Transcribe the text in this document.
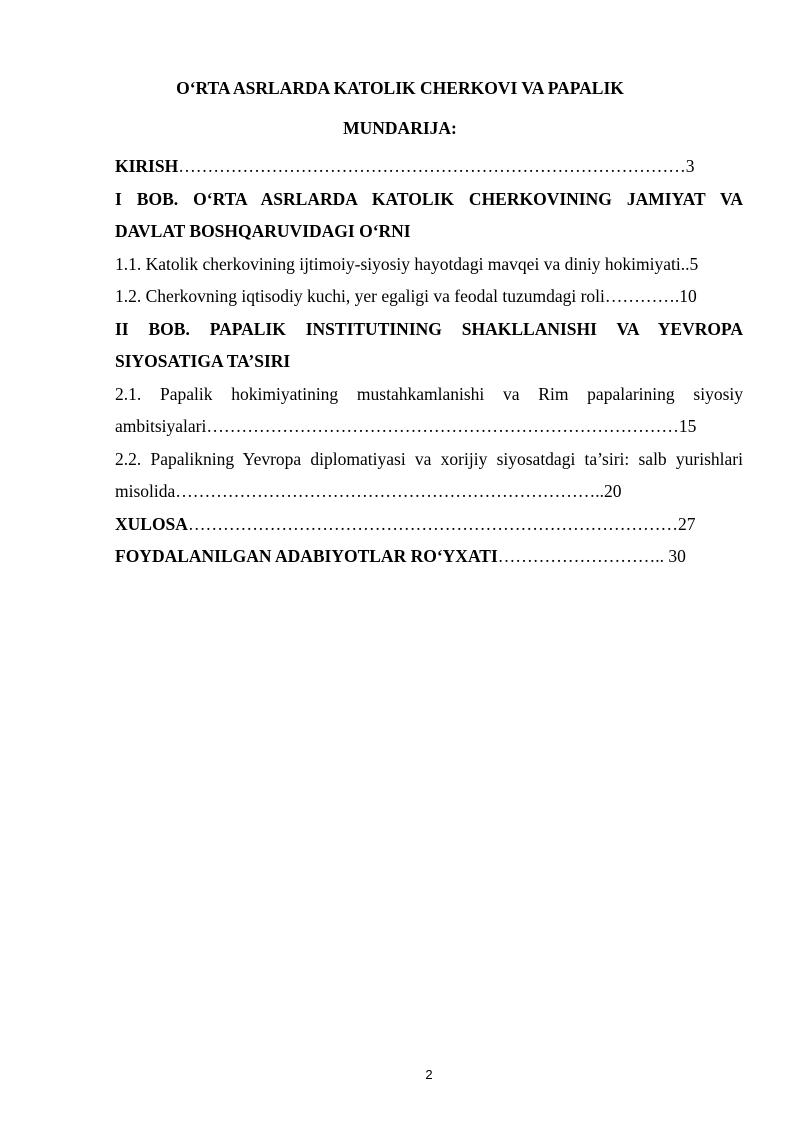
O‘RTA ASRLARDA KATOLIK CHERKOVI VA PAPALIK
MUNDARIJA:
KIRISH……………………………………………………………………………3
I BOB. O‘RTA ASRLARDA KATOLIK CHERKOVINING JAMIYAT VA
DAVLAT BOSHQARUVIDAGI O‘RNI
1.1. Katolik cherkovining ijtimoiy-siyosiy hayotdagi mavqei va diniy hokimiyati..5
1.2. Cherkovning iqtisodiy kuchi, yer egaligi va feodal tuzumdagi roli………….10
II BOB. PAPALIK INSTITUTINING SHAKLLANISHI VA YEVROPA
SIYOSATIGA TA’SIRI
2.1. Papalik hokimiyatining mustahkamlanishi va Rim papalarining siyosiy
ambitsiyalari………………………………………………………………………15
2.2. Papalikning Yevropa diplomatiyasi va xorijiy siyosatdagi ta’siri: salb yurishlari
misolida………………………………………………………………..20
XULOSA…………………………………………………………………………27
FOYDALANILGAN ADABIYOTLAR RO‘YXATI……………………….. 30
2
